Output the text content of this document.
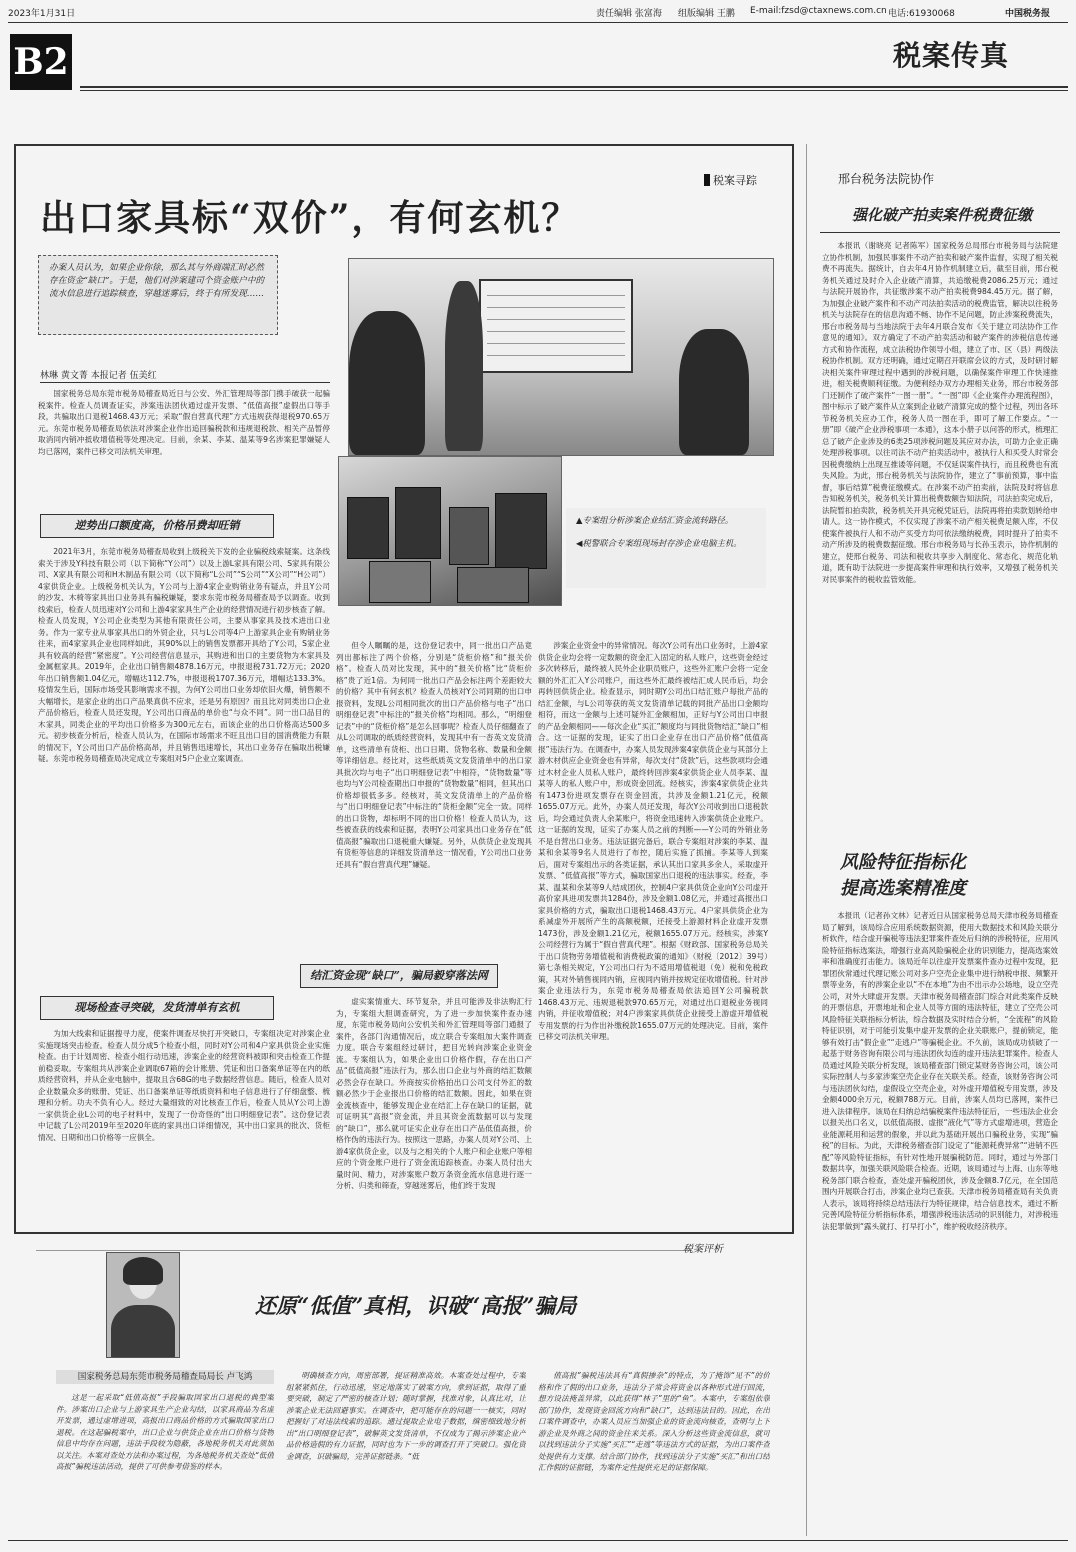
2023年1月31日	责任编辑 张富海 组版编辑 王鹏 E-mail:fzsd@ctaxnews.com.cn 电话:61930068	中国税务报
B2	税案传真
税案寻踪
出口家具标“双价”，有何玄机？
办案人员认为，如果企业你徐，那么其与外商端汇时必然存在资金“缺口”。于是，他们对涉案建司个资金账户中的流水信息进行追踪核查，穿越迷雾后，终于有所发现……
林琳 黄文菁 本报记者 伍美红

▲专案组分析涉案企业结汇资金流转路径。

◀税警联合专案组现场封存涉企业电脑主机。

国家税务总局东莞市税务局稽查局近日与公安、外汇管理局等部门携手破获一起骗税案件。检查人员调查证实，涉案违法团伙通过虚开发票、“低值高报”虚假出口等手段，共骗取出口退税1468.43万元；采取“假自营真代理”方式违规获得退税970.65万元。东莞市税务局稽查局依法对涉案企业作出追回骗税款和违规退税款、相关产品暂停取消同内销冲抵收增值税等处理决定。目前，余某、李某、温某等9名涉案犯罪嫌疑人均已落网，案件已移交司法机关审理。

逆势出口额度高，价格吊费却旺销

2021年3月，东莞市税务局稽查局收到上级税关下发的企业骗税线索疑案。这条线索关于涉及Y科技有限公司（以下简称“Y公司”）以及上游L家具有限公司、S家具有限公司、X家具有限公司和H木制品有限公司（以下简称“L公司”“S公司”“X公司”“H公司”）4家供货企业。上级税务机关认为，Y公司与上游4家企业购销业务有疑点，并且Y公司的沙发、木椅等家具出口业务具有骗税嫌疑，要求东莞市税务局稽查局予以调查。收到线索后，检查人员迅速对Y公司和上游4家家具生产企业的经营情况进行初步核查了解。检查人员发现，Y公司企业类型为其他有限责任公司，主要从事家具及技术进出口业务。作为一家专业从事家具出口的外贸企业，只与L公司等4户上游家具企业有购销业务往来，而4家家具企业也同样如此，其90%以上的销售发票都开具给了Y公司，S家企业具有较高的经营“紧密度”。Y公司经营信息显示，其购进和出口的主要货物为木家具及金属框家具。2019年，企业出口销售额4878.16万元，申报退税731.72万元；2020年出口销售额1.04亿元，增幅达112.7%，申报退税1707.36万元，增幅达133.3%。疫情发生后，国际市场受其影响需求不振，为何Y公司出口业务却依旧火爆，销售额不大幅增长，是家企业的出口产品果真供不应求，还是另有原因？而且比对同类出口企业产品价格后，检查人员还发现，Y公司出口商品的单价也“与众不同”。同一出口品目的木家具，同类企业的平均出口价格多为300元左右，而该企业的出口价格高达500多元。初步核查分析后，检查人员认为，在国际市场需求不旺且出口目的国消费能力有限的情况下，Y公司出口产品价格高昂，并且销售迅速增长，其出口业务存在骗取出税嫌疑。东莞市税务局稽查局决定成立专案组对5户企业立案调查。

现场检查寻突破，发货清单有玄机

为加大线索和证据搜寻力度，使案件调查尽快打开突破口，专案组决定对涉案企业实施现场突击检查。检查人员分成5个检查小组，同时对Y公司和4户家具供货企业实施检查。由于计划周密、检查小组行动迅速，涉案企业的经营资料被即和突击检查工作提前稳妥取。专案组共从涉案企业调取67箱的会计账册、凭证和出口备案单证等在内的纸质经营资料，并从企业电脑中，提取且含68G的电子数据经营信息。随后，检查人员对企业数量众多的账册、凭证、出口备案单证等纸质资料和电子信息进行了仔细盘整、梳理和分析。功夫不负有心人。经过大量细致的对比核查工作后，检查人员从Y公司上游一家供货企业L公司的电子材料中，发现了一份奇怪的“出口明细登记表”。这份登记表中记载了L公司2019年至2020年底的家具出口详细情况，其中出口家具的批次、货柜情况、日期和出口价格等一应俱全。

但令人瞩瞩的是，这份登记表中，同一批出口产品竟列出都标注了两个价格，分别是“货柜价格”和“报关价格”。检查人员对比发现，其中的“报关价格”比“货柜价格”贵了近1倍。为何同一批出口产品会标注两个差距较大的价格？其中有何玄机？检查人员核对Y公司同期的出口申报资料，发现L公司相同批次的出口产品价格与电子“出口明细登记表”中标注的“报关价格”均相同。那么，“明细登记表”中的“货柜价格”是怎么回事呢？检查人员仔细翻查了从L公司调取的纸质经营资料，发现其中有一沓英文发货清单，这些清单有货柜、出口日期、货物名称、数量和金额等详细信息。经比对，这些纸质英文发货清单中的出口家具批次均与电子“出口明细登记表”中相符，“货物数量”等也均与Y公司检查期出口申报的“货物数量”相同，但其出口价格却很低多多。经核对，英文发货清单上的产品价格与“出口明细登记表”中标注的“货柜金额”完全一致。同样的出口货物，却标明不同的出口价格！检查人员认为，这些被查获的线索和证据，表明Y公司家具出口业务存在“低值高报”骗取出口退税重大嫌疑。另外，从供货企业发现具有货柜等信息的详细发货清单这一情况看，Y公司出口业务还具有“假自营真代理”嫌疑。

结汇资金现“缺口”，骗局毅穿落法网

虚实案情重大、环节复杂，并且可能涉及非法购汇行为，专案组大胆调查研究，为了进一步加快案件查办速度，东莞市税务局向公安机关和外汇管理局等部门通报了案件，各部门沟通情况后，成立联合专案组加大案件调查力度。联合专案组经过研讨，把目光转向涉案企业资金流。专案组认为，如果企业出口价格作假，存在出口产品“低值高报”违法行为，那么出口企业与外商的结汇数额必然会存在缺口。外商按实价格拍出口公司支付外汇的数额必然少于企业报出口价格的结汇数额。因此，如果在资金流核查中，能够发现企业在结汇上存在缺口的证据，就可证明其“高报”资金流，并且其资金流数据可以与发现的“缺口”，那么就可证实企业存在出口产品低值高报，价格作伪的违法行为。按照这一思路，办案人员对Y公司、上游4家供货企业，以及与之相关的个人账户和企业账户等相应的个资金账户进行了资金流追踪核查。办案人员付出大量时间、精力，对涉案账户数万条资金流水信息进行逐一分析、归类和筛查，穿越迷雾后，他们终于发现

涉案企业资金中的异常情况。每次Y公司有出口业务时，上游4家供货企业均会将一定数额的资金汇入固定的私人账户，这些资金经过多次转移后，最终被人民外企业职员账户，这些外汇账户会将一定金额的外汇汇入Y公司账户，而这些外汇最终被结汇成人民币后，均会再转回供货企业。检查显示，同时期Y公司出口结汇账户每批产品的结汇金额，与L公司等获的英文发货清单记载的同批产品出口金额均相符，而这一金额与上述可疑外汇金额相加，正好与Y公司出口申报的产品金额相同——每次企业“买汇”额度均与同批货物结汇“缺口”相合。这一证据的发现，证实了出口企业存在出口产品价格“低值高报”违法行为。在调查中，办案人员发现涉案4家供货企业与其部分上游木材供应企业资金也有异常，每次支付“货款”后，这些款项均会通过木材企业人员私人账户，最终转回涉案4家供货企业人员李某、温某等人的私人账户中，形成资金回流。经核实，涉案4家供货企业共有1473份进项发票存在资金回流，共涉及金额1.21亿元，税额1655.07万元。此外，办案人员还发现，每次Y公司收到出口退税款后，均会通过负责人余某账户，将资金迅速转入涉案供货企业账户。这一证据的发现，证实了办案人员之前的判断——Y公司的外销业务不是自营出口业务。违法证据完备后，联合专案组对涉案的李某、温某和余某等9名人员进行了布控，随后实施了抓捕。李某等人到案后，面对专案组出示的各类证据，承认其出口家具多余人，采取虚开发票、“低值高报”等方式，骗取国家出口退税的违法事实。经查，李某、温某和余某等9人结成团伙，控制4户家具供货企业向Y公司虚开高价家具进项发票共1284份，涉及金额1.08亿元，并通过高报出口家具价格的方式，骗取出口退税1468.43万元。4户家具供货企业为系减虚外开展所产生的高额税额，还接受上游源材料企业虚开发票1473份，涉及金额1.21亿元，税额1655.07万元。经核实，涉案Y公司经营行为属于“假自营真代理”。根据《财政部、国家税务总局关于出口货物劳务增值税和消费税政策的通知》（财税〔2012〕39号）第七条相关规定，Y公司出口行为不适用增值税退（免）税和免税政策，其对外销售视同内销，应视同内销并按规定征收增值税。针对涉案企业违法行为，东莞市税务局稽查局依法追回Y公司骗税款1468.43万元、违规退税款970.65万元，对通过出口退税业务视同内销，并征收增值税；对4户涉案家具供货企业接受上游虚开增值税专用发票的行为作出补缴税款1655.07万元的处理决定。目前，案件已移交司法机关审理。

邢台税务法院协作
强化破产拍卖案件税费征缴

本报讯（谢晓亮 记者陈军）国家税务总局邢台市税务局与法院建立协作机制，加强民事案件不动产拍卖和破产案件监督，实现了相关税费不再流失。据统计，自去年4月协作机制建立后，截至目前，邢台税务机关通过及时介入企业破产清算，共追缴税费2086.25万元；通过与法院开展协作，共征缴涉案不动产拍卖税费984.45万元。据了解，为加强企业破产案件和不动产司法拍卖活动的税费监管，解决以往税务机关与法院存在的信息沟通不畅、协作不足问题，防止涉案税费流失，邢台市税务局与当地法院于去年4月联合发布《关于建立司法协作工作意见的通知》。双方确定了不动产拍卖活动和破产案件的涉税信息传递方式和协作流程，成立法税协作领导小组，建立了市、区（县）两级法税协作机制。双方还明确，通过定期召开联席会议的方式，及时研讨解决相关案件审理过程中遇到的涉税问题，以确保案件审理工作快速推进，相关税费顺利征缴。为便利经办双方办理相关业务，邢台市税务部门还制作了破产案件“一图一册”。“一图”即《企业案件办理流程图》，图中标示了破产案件从立案到企业破产清算完成的整个过程，列出各环节税务机关应办工作，税务人员一图在手，即可了解工作要点。“一册”即《破产企业涉税事项一本通》，这本小册子以问答的形式，梳理汇总了破产企业涉及的6类25项涉税问题及其应对办法，可助力企业正确处理涉税事项。以往司法不动产拍卖活动中，被执行人和买受人时常会因税费缴纳上出现互推诿等问题，不仅延误案件执行，而且税费也有流失风险。为此，邢台税务机关与法院协作，建立了“事前预算，事中监督，事后结算”税费征缴模式。在涉案不动产拍卖前，法院及时将信息告知税务机关，税务机关计算出税费数额告知法院，司法拍卖完成后，法院暂扣拍卖款，税务机关开具完税凭证后，法院再将拍卖款划转给申请人。这一协作模式，不仅实现了涉案不动产相关税费足额入库，不仅使案件被执行人和不动产买受方均可依法缴纳税费，同时提升了拍卖不动产所涉及的税费数据征缴。邢台市税务局与长孙玉表示，协作机制的建立，使邢台税务、司法和税收共享步入制度化、常态化、规范化轨道，既有助于法院进一步提高案件审理和执行效率，又增强了税务机关对民事案件的税收监管效能。

风险特征指标化
提高选案精准度

本报讯（记者孙文林）记者近日从国家税务总局天津市税务局稽查局了解到，该局综合应用系统数据资源，使用大数据技术和风险关联分析软件，结合虚开骗税等违法犯罪案件查处后归纳的涉税特征，应用风险特征指标选案法，增强行业高风险骗税企业的识别能力，提高选案效率和准确度打击能力。该局近年以往虚开发票案件查办过程中发现，犯罪团伙常通过代理记账公司对多户空壳企业集中进行纳税申报、频繁开票等业务，有的涉案企业以“不在本地”为由不出示办公场地，设立空壳公司，对外大肆虚开发票。天津市税务局稽查部门综合对此类案件反映的开票信息，开票地址和企业人员等方面的违法特征，建立了空壳公司风险特征关联指标分析法，综合数据及实时结合分析，“全流程”的风险特征识别，对于可能引发集中虚开发票的企业关联账户，提前锁定，能够有效打击“假企业”“走逃户”等骗税企业。不久前，该局成功侦破了一起基于财务咨询有限公司与违法团伙勾连的虚开违法犯罪案件。检查人员通过风险关联分析发现，该局稽查部门锁定某财务咨询公司，该公司实际控制人与多家涉案空壳企业存在关联关系。经查，该财务咨询公司与违法团伙勾结，虚假设立空壳企业，对外虚开增值税专用发票，涉及金额4000余万元，税额788万元。目前，涉案人员均已落网，案件已进入法律程序。该局在归纳总结骗税案件违法特征后，一些违法企业会以报关出口名义，以低值高报、虚报“液化气”等方式虚增进项，营造企业能源耗用和运营的假象，并以此为基础开展出口骗税业务，实现“骗税”的目标。为此，天津税务稽查部门设定了“能源耗费异常”“进销不匹配”等风险特征指标，有针对性地开展骗税防范。同时，通过与外部门数据共享，加强关联风险联合检查。近期，该局通过与上海、山东等地税务部门联合检查，查处虚开骗税团伙，涉及金额8.7亿元，在全国范围内开展联合打击，涉案企业均已查获。天津市税务局稽查局有关负责人表示，该局将持续总结违法行为特征规律，结合信息技术，通过不断完善风险特征分析指标体系，增强涉税违法活动的识别能力，对涉税违法犯罪做到“露头就打、打早打小”，维护税收经济秩序。

税案评析
还原“低值”真相，识破“高报”骗局
国家税务总局东莞市税务局稽查局局长 卢飞鸿

这是一起采取“低值高报”手段骗取国家出口退税的典型案件。涉案出口企业与上游家具生产企业勾结，以家具商品为名虚开发票，通过虚增进项，高报出口商品价格的方式骗取国家出口退税。在这起骗税案中，出口企业与供货企业在出口价格与货物信息中均存在问题，违法手段较为隐蔽，各地税务机关对此须加以关注。本案对查处方法和办案过程，为各地税务机关查处“低值高报”骗税违法活动，提供了可供参考借鉴的样本。

明确核查方向，周密部署，提证精准高效。本案查处过程中，专案组紧紧抓住，行动迅速，坚定地落实了破案方向，拿到证据，取得了重要突破，制定了严密的核查计划；随时掌握，找准对象，认真比对，让涉案企业无法回避事实。在调查中，把可能存在的问题一一核实，同时把握好了对违法线索的追踪。通过提取企业电子数据，缜密细致地分析出“出口明细登记表”，破解英文发货清单，不仅成为了揭示涉案企业产品价格造假的有力证据，同时也为下一步的调查打开了突破口。强化资金调查，识破骗局，完善证据链条。“低

值高报”骗税违法具有“真假掺杂”的特点，为了掩饰“见不”的价格和作了假的出口业务，违法分子常会将资金以各种形式进行回流，想方设法掩盖异常，以此获得“林子”里的“鱼”。本案中，专案组依靠部门协作，发现资金回流方向和“缺口”，达到违法目的。因此，在出口案件调查中，办案人员应当加强企业的资金流向核查，查明与上下游企业及外商之间的资金往来关系。深入分析这些资金流信息，就可以找到违法分子实施“买汇”“走逃”等违法方式的证据，为出口案件查处提供有力支撑。结合部门协作，找到违法分子实施“买汇”和出口结汇作假的证据链，为案件定性提供充足的证据保障。
